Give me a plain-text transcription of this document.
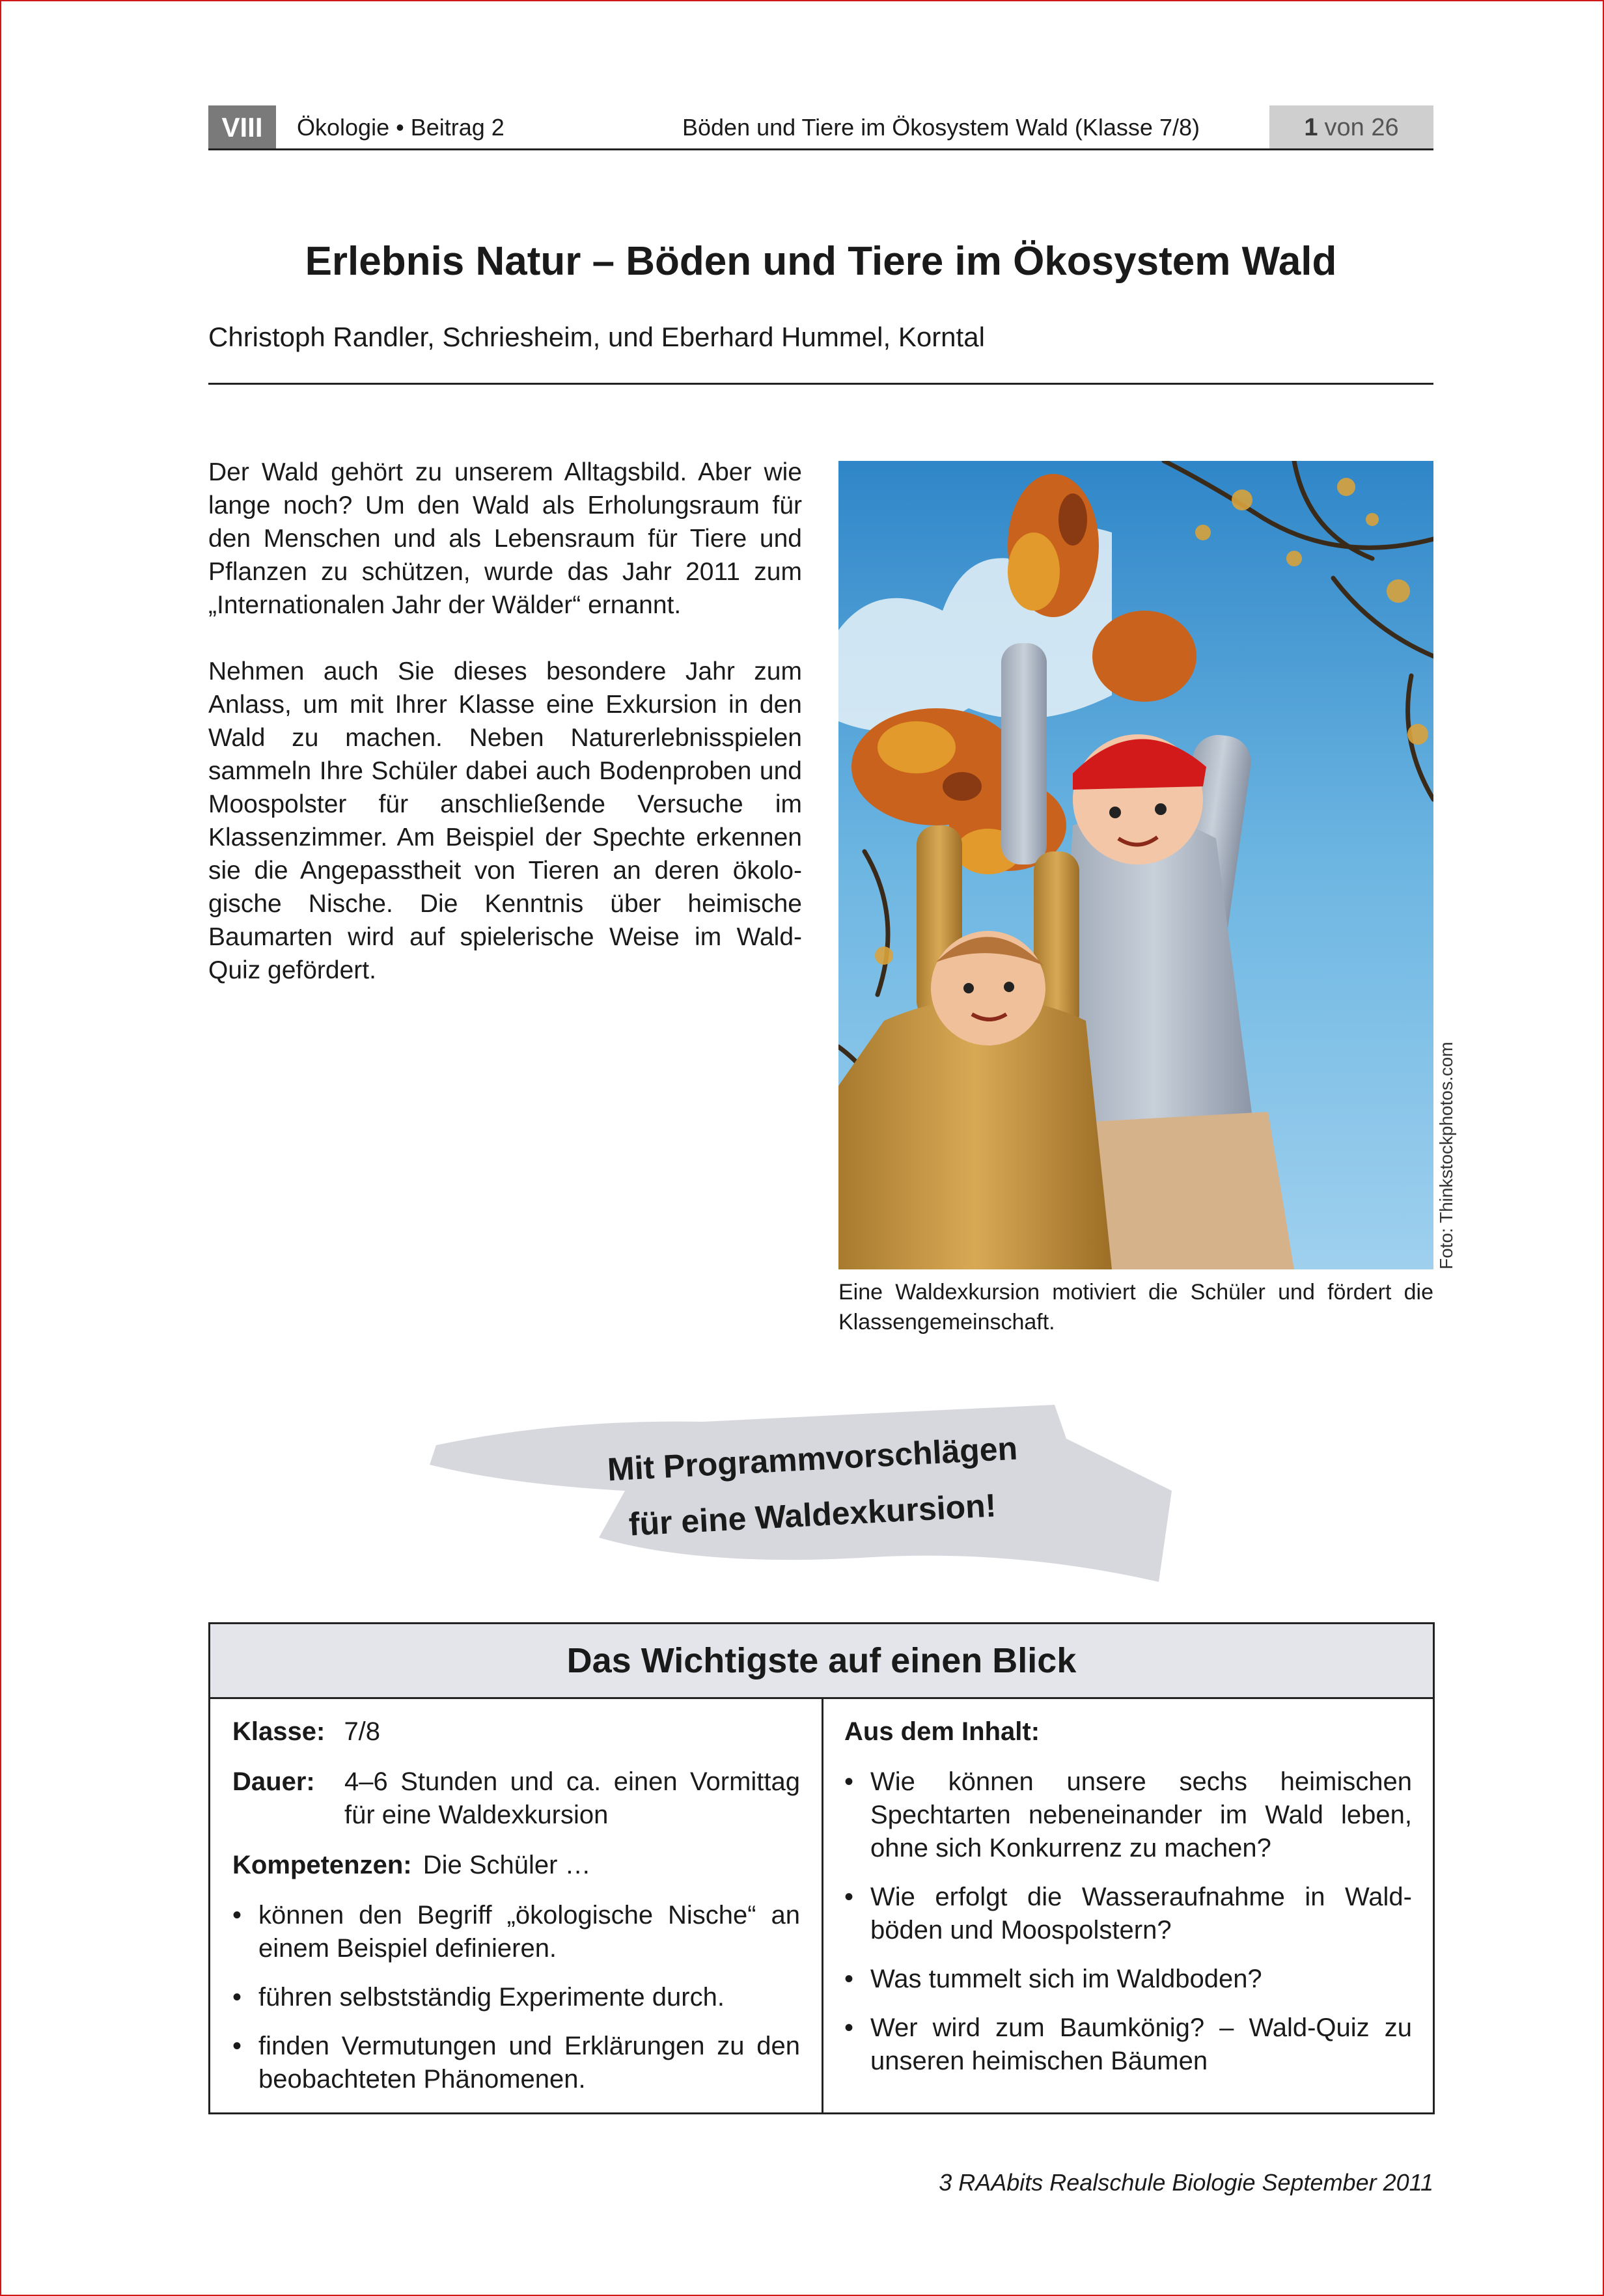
VIII	Ökologie • Beitrag 2	Böden und Tiere im Ökosystem Wald (Klasse 7/8)	1 von 26
Erlebnis Natur – Böden und Tiere im Ökosystem Wald
Christoph Randler, Schriesheim, und Eberhard Hummel, Korntal

Der Wald gehört zu unserem Alltagsbild. Aber wie lange noch? Um den Wald als Erholungsraum für den Menschen und als Lebensraum für Tiere und Pflanzen zu schützen, wurde das Jahr 2011 zum „Internationalen Jahr der Wälder“ ernannt.

Nehmen auch Sie dieses besondere Jahr zum Anlass, um mit Ihrer Klasse eine Exkursion in den Wald zu machen. Neben Naturerlebnisspielen sammeln Ihre Schüler dabei auch Bodenproben und Moospolster für anschließende Versuche im Klassenzimmer. Am Beispiel der Spechte erkennen sie die Angepasstheit von Tieren an deren ökologische Nische. Die Kenntnis über heimische Baumarten wird auf spielerische Weise im Wald-Quiz gefördert.

Foto: Thinkstockphotos.com
Eine Waldexkursion motiviert die Schüler und fördert die Klassengemeinschaft.
Mit Programmvorschlägen
für eine Waldexkursion!
Das Wichtigste auf einen Blick
Klasse: 7/8
Dauer:	4–6 Stunden und ca. einen Vormittag für eine Waldexkursion
Kompetenzen: Die Schüler …
• können den Begriff „ökologische Nische“ an einem Beispiel definieren.
• führen selbstständig Experimente durch.
• finden Vermutungen und Erklärungen zu den beobachteten Phänomenen.
Aus dem Inhalt:
• Wie können unsere sechs heimischen Spechtarten nebeneinander im Wald leben, ohne sich Konkurrenz zu machen?
• Wie erfolgt die Wasseraufnahme in Waldböden und Moospolstern?
• Was tummelt sich im Waldboden?
• Wer wird zum Baumkönig? – Wald-Quiz zu unseren heimischen Bäumen
3 RAAbits Realschule Biologie September 2011
